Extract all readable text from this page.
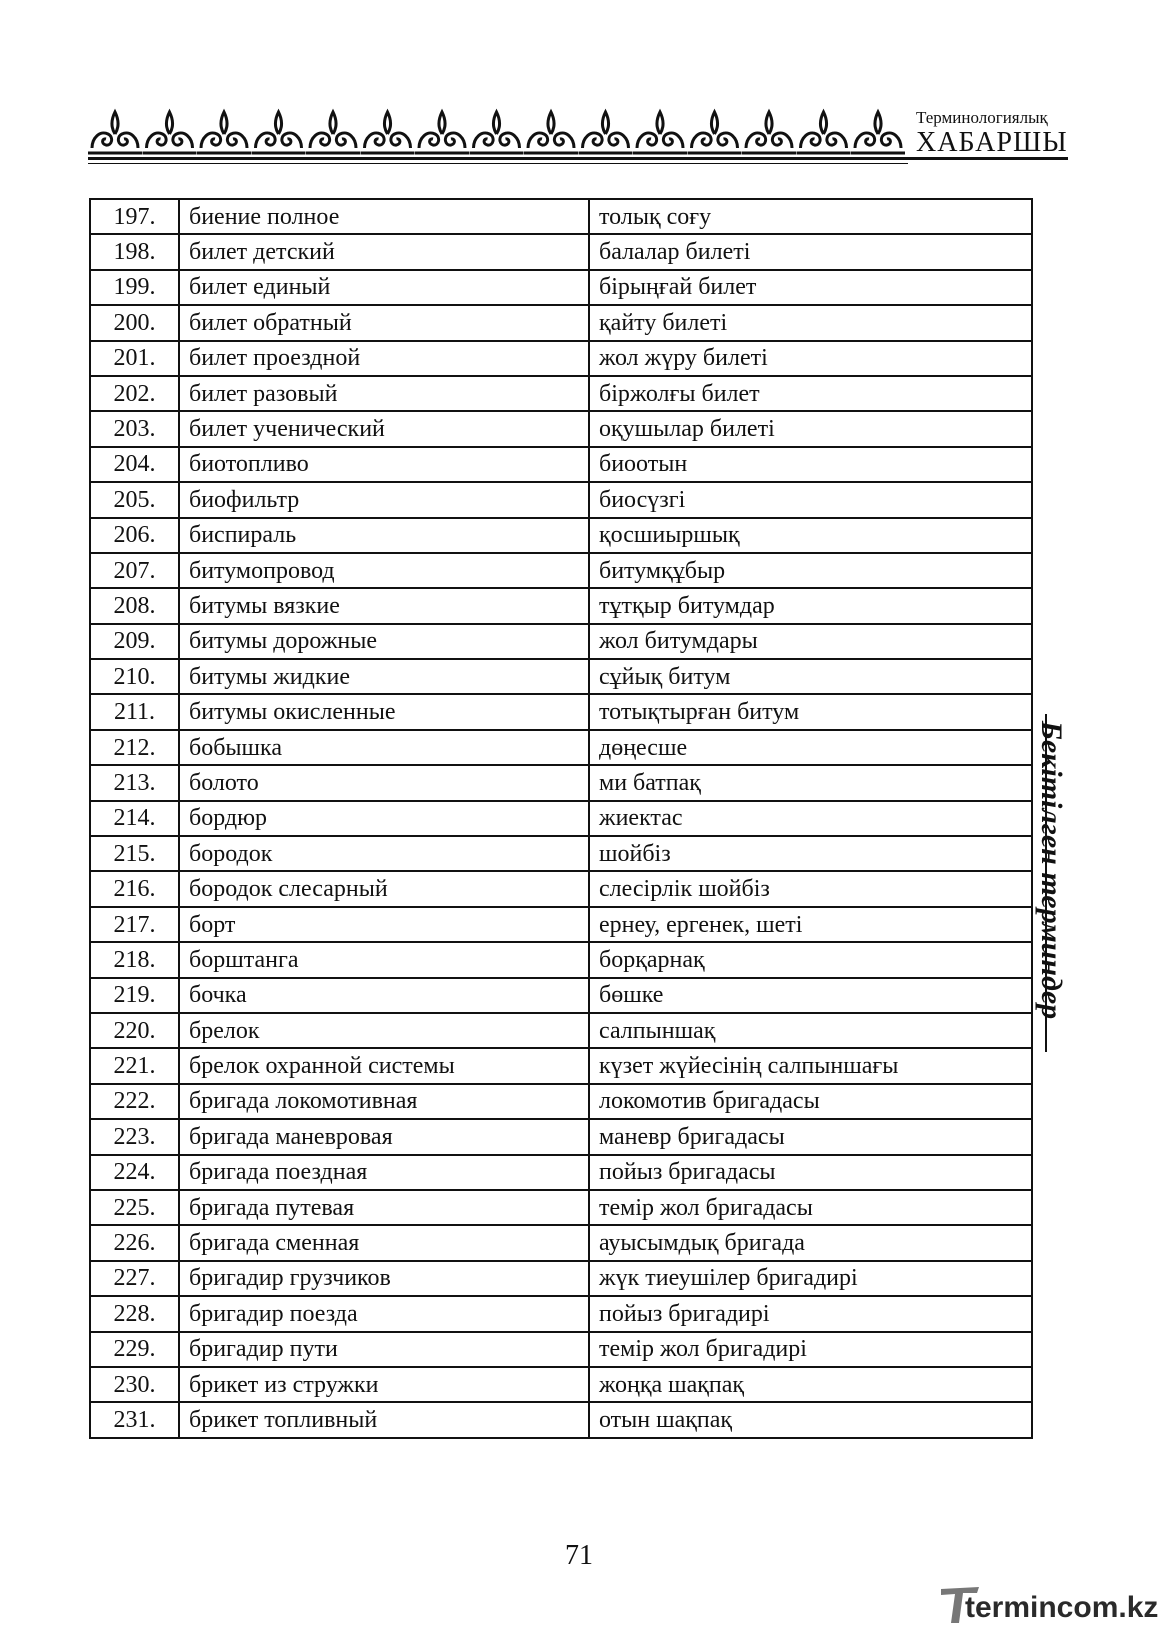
Терминологиялық
ХАБАРШЫ
197.	биение полное	толық соғу
198.	билет детский	балалар билеті
199.	билет единый	бірыңғай билет
200.	билет обратный	қайту билеті
201.	билет проездной	жол жүру билеті
202.	билет разовый	біржолғы билет
203.	билет ученический	оқушылар билеті
204.	биотопливо	биоотын
205.	биофильтр	биосүзгі
206.	биспираль	қосшиыршық
207.	битумопровод	битумқұбыр
208.	битумы вязкие	тұтқыр битумдар
209.	битумы дорожные	жол битумдары
210.	битумы жидкие	сұйық битум
211.	битумы окисленные	тотықтырған битум
212.	бобышка	дөңесше
213.	болото	ми батпақ
214.	бордюр	жиектас
215.	бородок	шойбіз
216.	бородок слесарный	слесірлік шойбіз
217.	борт	ернеу, ергенек, шеті
218.	борштанга	борқарнақ
219.	бочка	бөшке
220.	брелок	салпыншақ
221.	брелок охранной системы	күзет жүйесінің салпыншағы
222.	бригада локомотивная	локомотив бригадасы
223.	бригада маневровая	маневр бригадасы
224.	бригада поездная	пойыз бригадасы
225.	бригада путевая	темір жол бригадасы
226.	бригада сменная	ауысымдық бригада
227.	бригадир грузчиков	жүк тиеушілер бригадирі
228.	бригадир поезда	пойыз бригадирі
229.	бригадир пути	темір жол бригадирі
230.	брикет из стружки	жоңқа шақпақ
231.	брикет топливный	отын шақпақ
Бекітілген терминдер
71
termincom.kz
